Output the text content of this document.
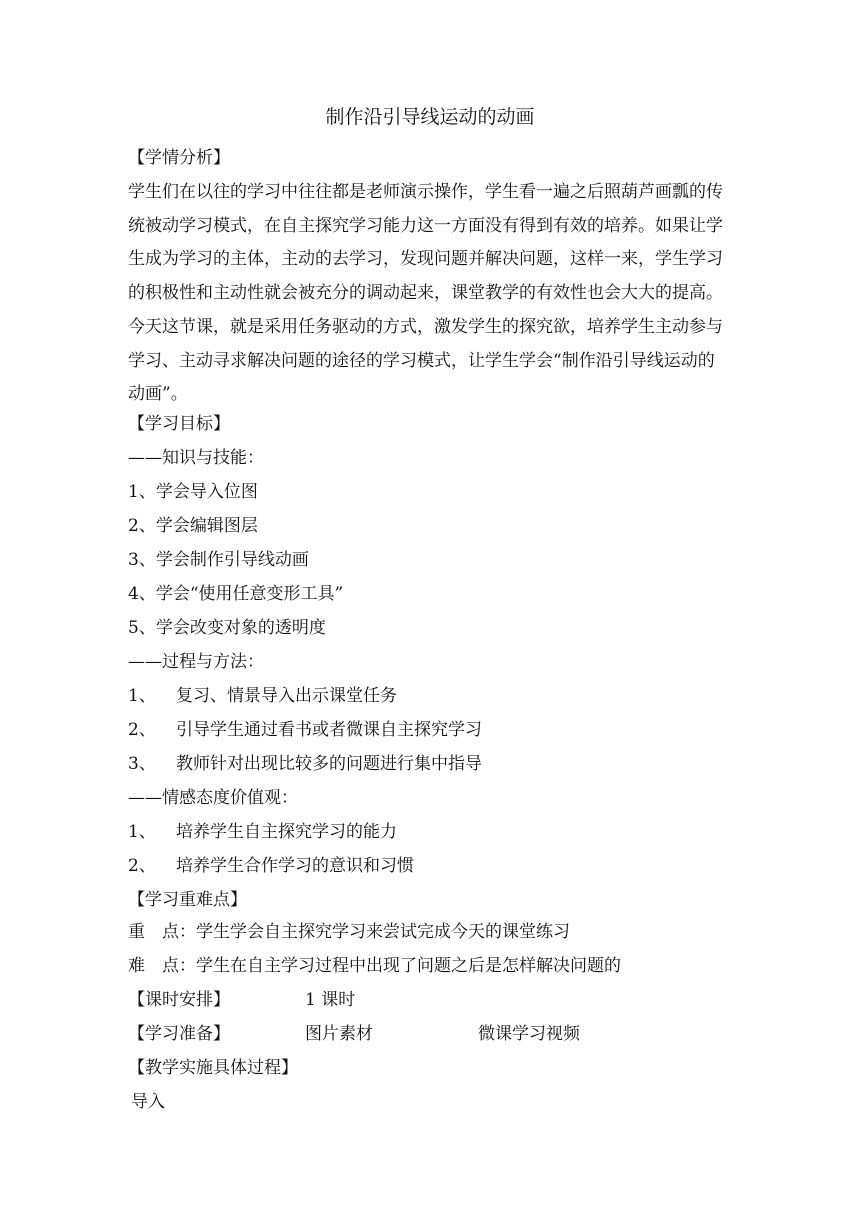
制作沿引导线运动的动画
【学情分析】
学生们在以往的学习中往往都是老师演示操作，学生看一遍之后照葫芦画瓢的传
统被动学习模式，在自主探究学习能力这一方面没有得到有效的培养。如果让学
生成为学习的主体，主动的去学习，发现问题并解决问题，这样一来，学生学习
的积极性和主动性就会被充分的调动起来，课堂教学的有效性也会大大的提高。
今天这节课，就是采用任务驱动的方式，激发学生的探究欲，培养学生主动参与
学习、主动寻求解决问题的途径的学习模式，让学生学会“制作沿引导线运动的
动画”。
【学习目标】
——知识与技能：
1、学会导入位图
2、学会编辑图层
3、学会制作引导线动画
4、学会“使用任意变形工具”
5、学会改变对象的透明度
——过程与方法：
1、 复习、情景导入出示课堂任务
2、 引导学生通过看书或者微课自主探究学习
3、 教师针对出现比较多的问题进行集中指导
——情感态度价值观：
1、 培养学生自主探究学习的能力
2、 培养学生合作学习的意识和习惯
【学习重难点】
重　点：学生学会自主探究学习来尝试完成今天的课堂练习
难　点：学生在自主学习过程中出现了问题之后是怎样解决问题的
【课时安排】	1 课时
【学习准备】	图片素材	微课学习视频
【教学实施具体过程】
导入
